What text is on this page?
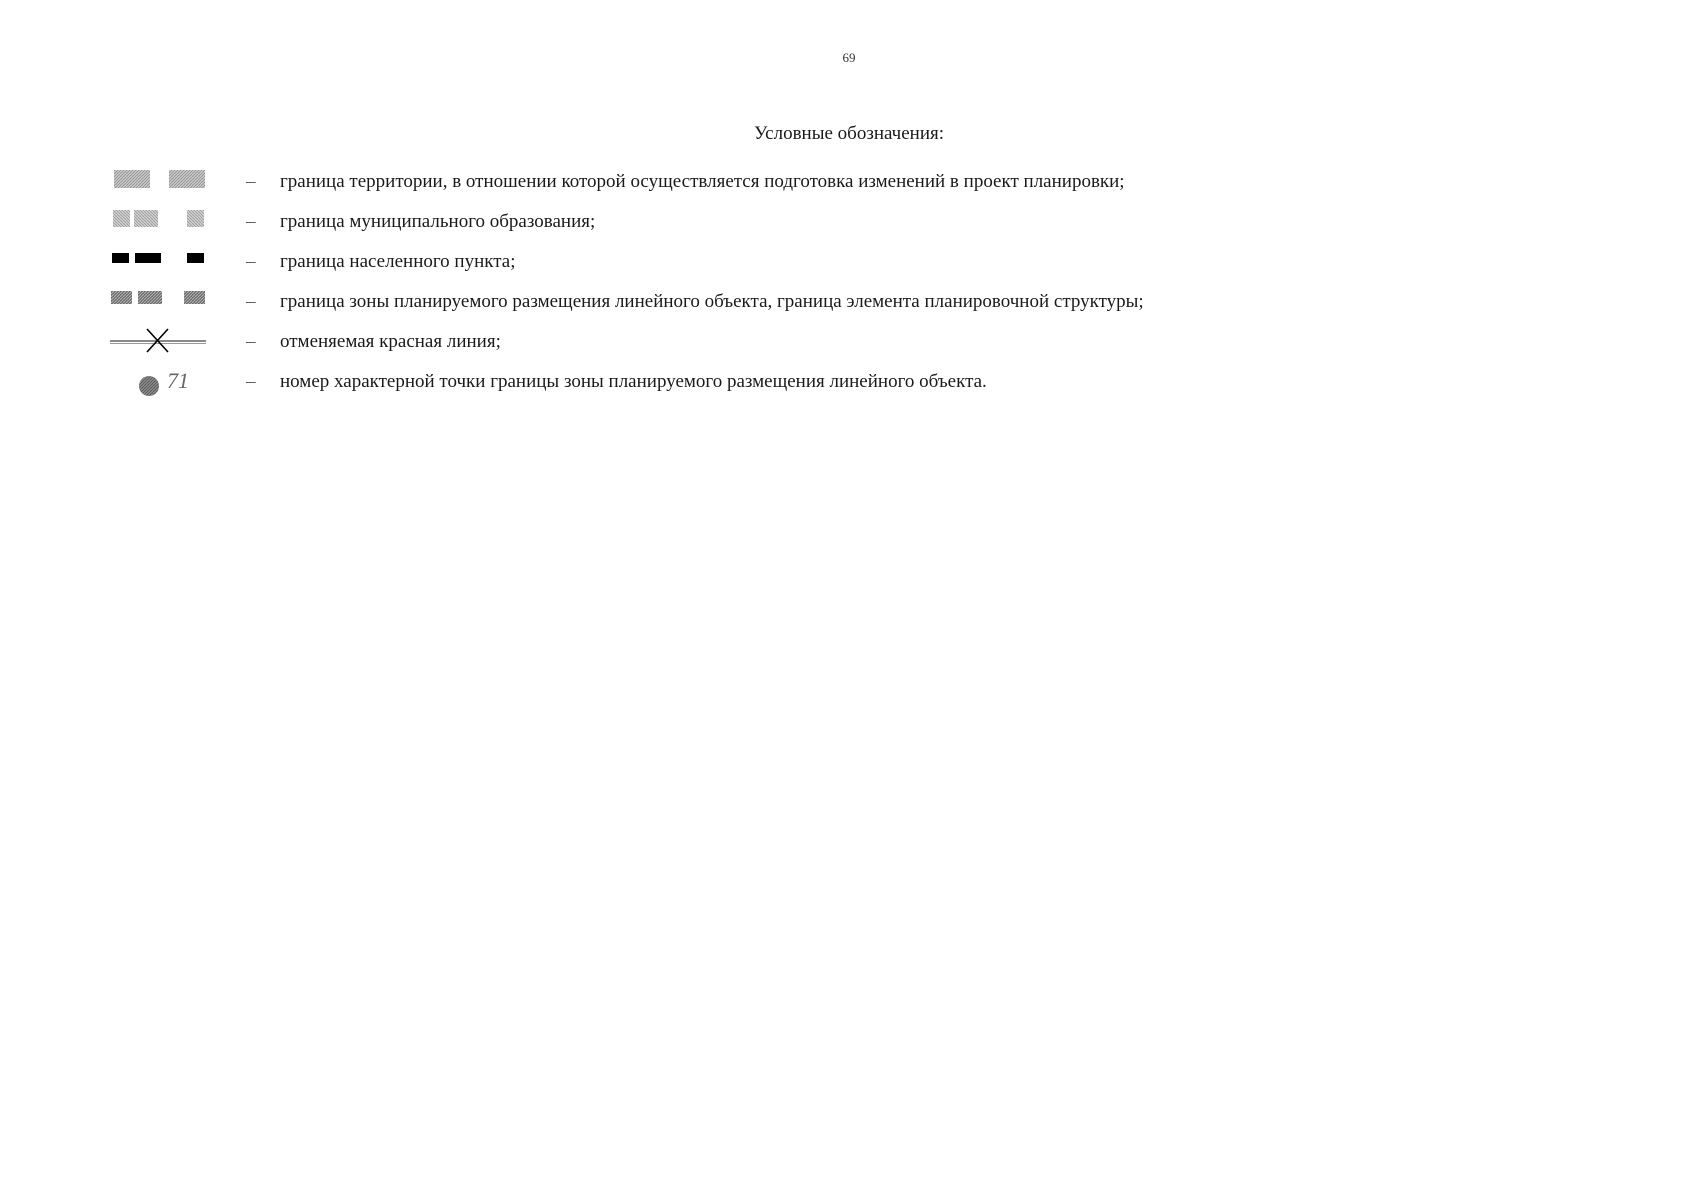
69
Условные обозначения:
– граница территории, в отношении которой осуществляется подготовка изменений в проект планировки;
– граница муниципального образования;
– граница населенного пункта;
– граница зоны планируемого размещения линейного объекта, граница элемента планировочной структуры;
– отменяемая красная линия;
71	– номер характерной точки границы зоны планируемого размещения линейного объекта.
